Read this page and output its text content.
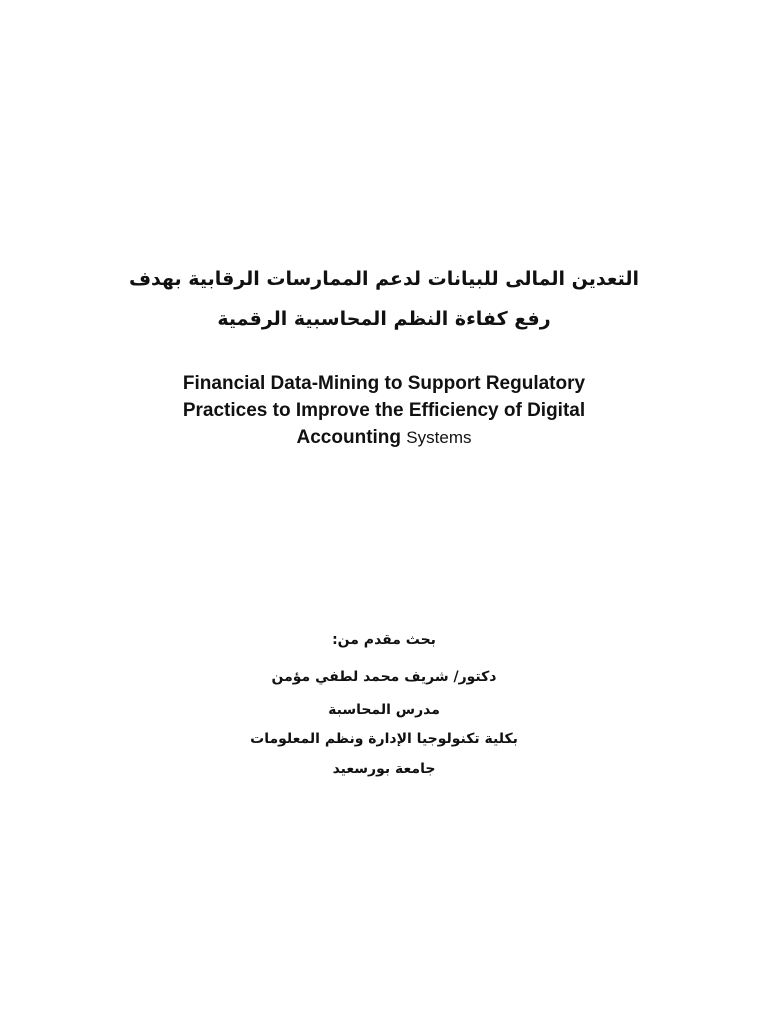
التعدين المالى للبيانات لدعم الممارسات الرقابية بهدف
رفع كفاءة النظم المحاسبية الرقمية
Financial Data-Mining to Support Regulatory
Practices to Improve the Efficiency of Digital
Accounting Systems
بحث مقدم من:
دكتور/ شريف محمد لطفي مؤمن
مدرس المحاسبة
بكلية تكنولوجيا الإدارة ونظم المعلومات
جامعة بورسعيد
